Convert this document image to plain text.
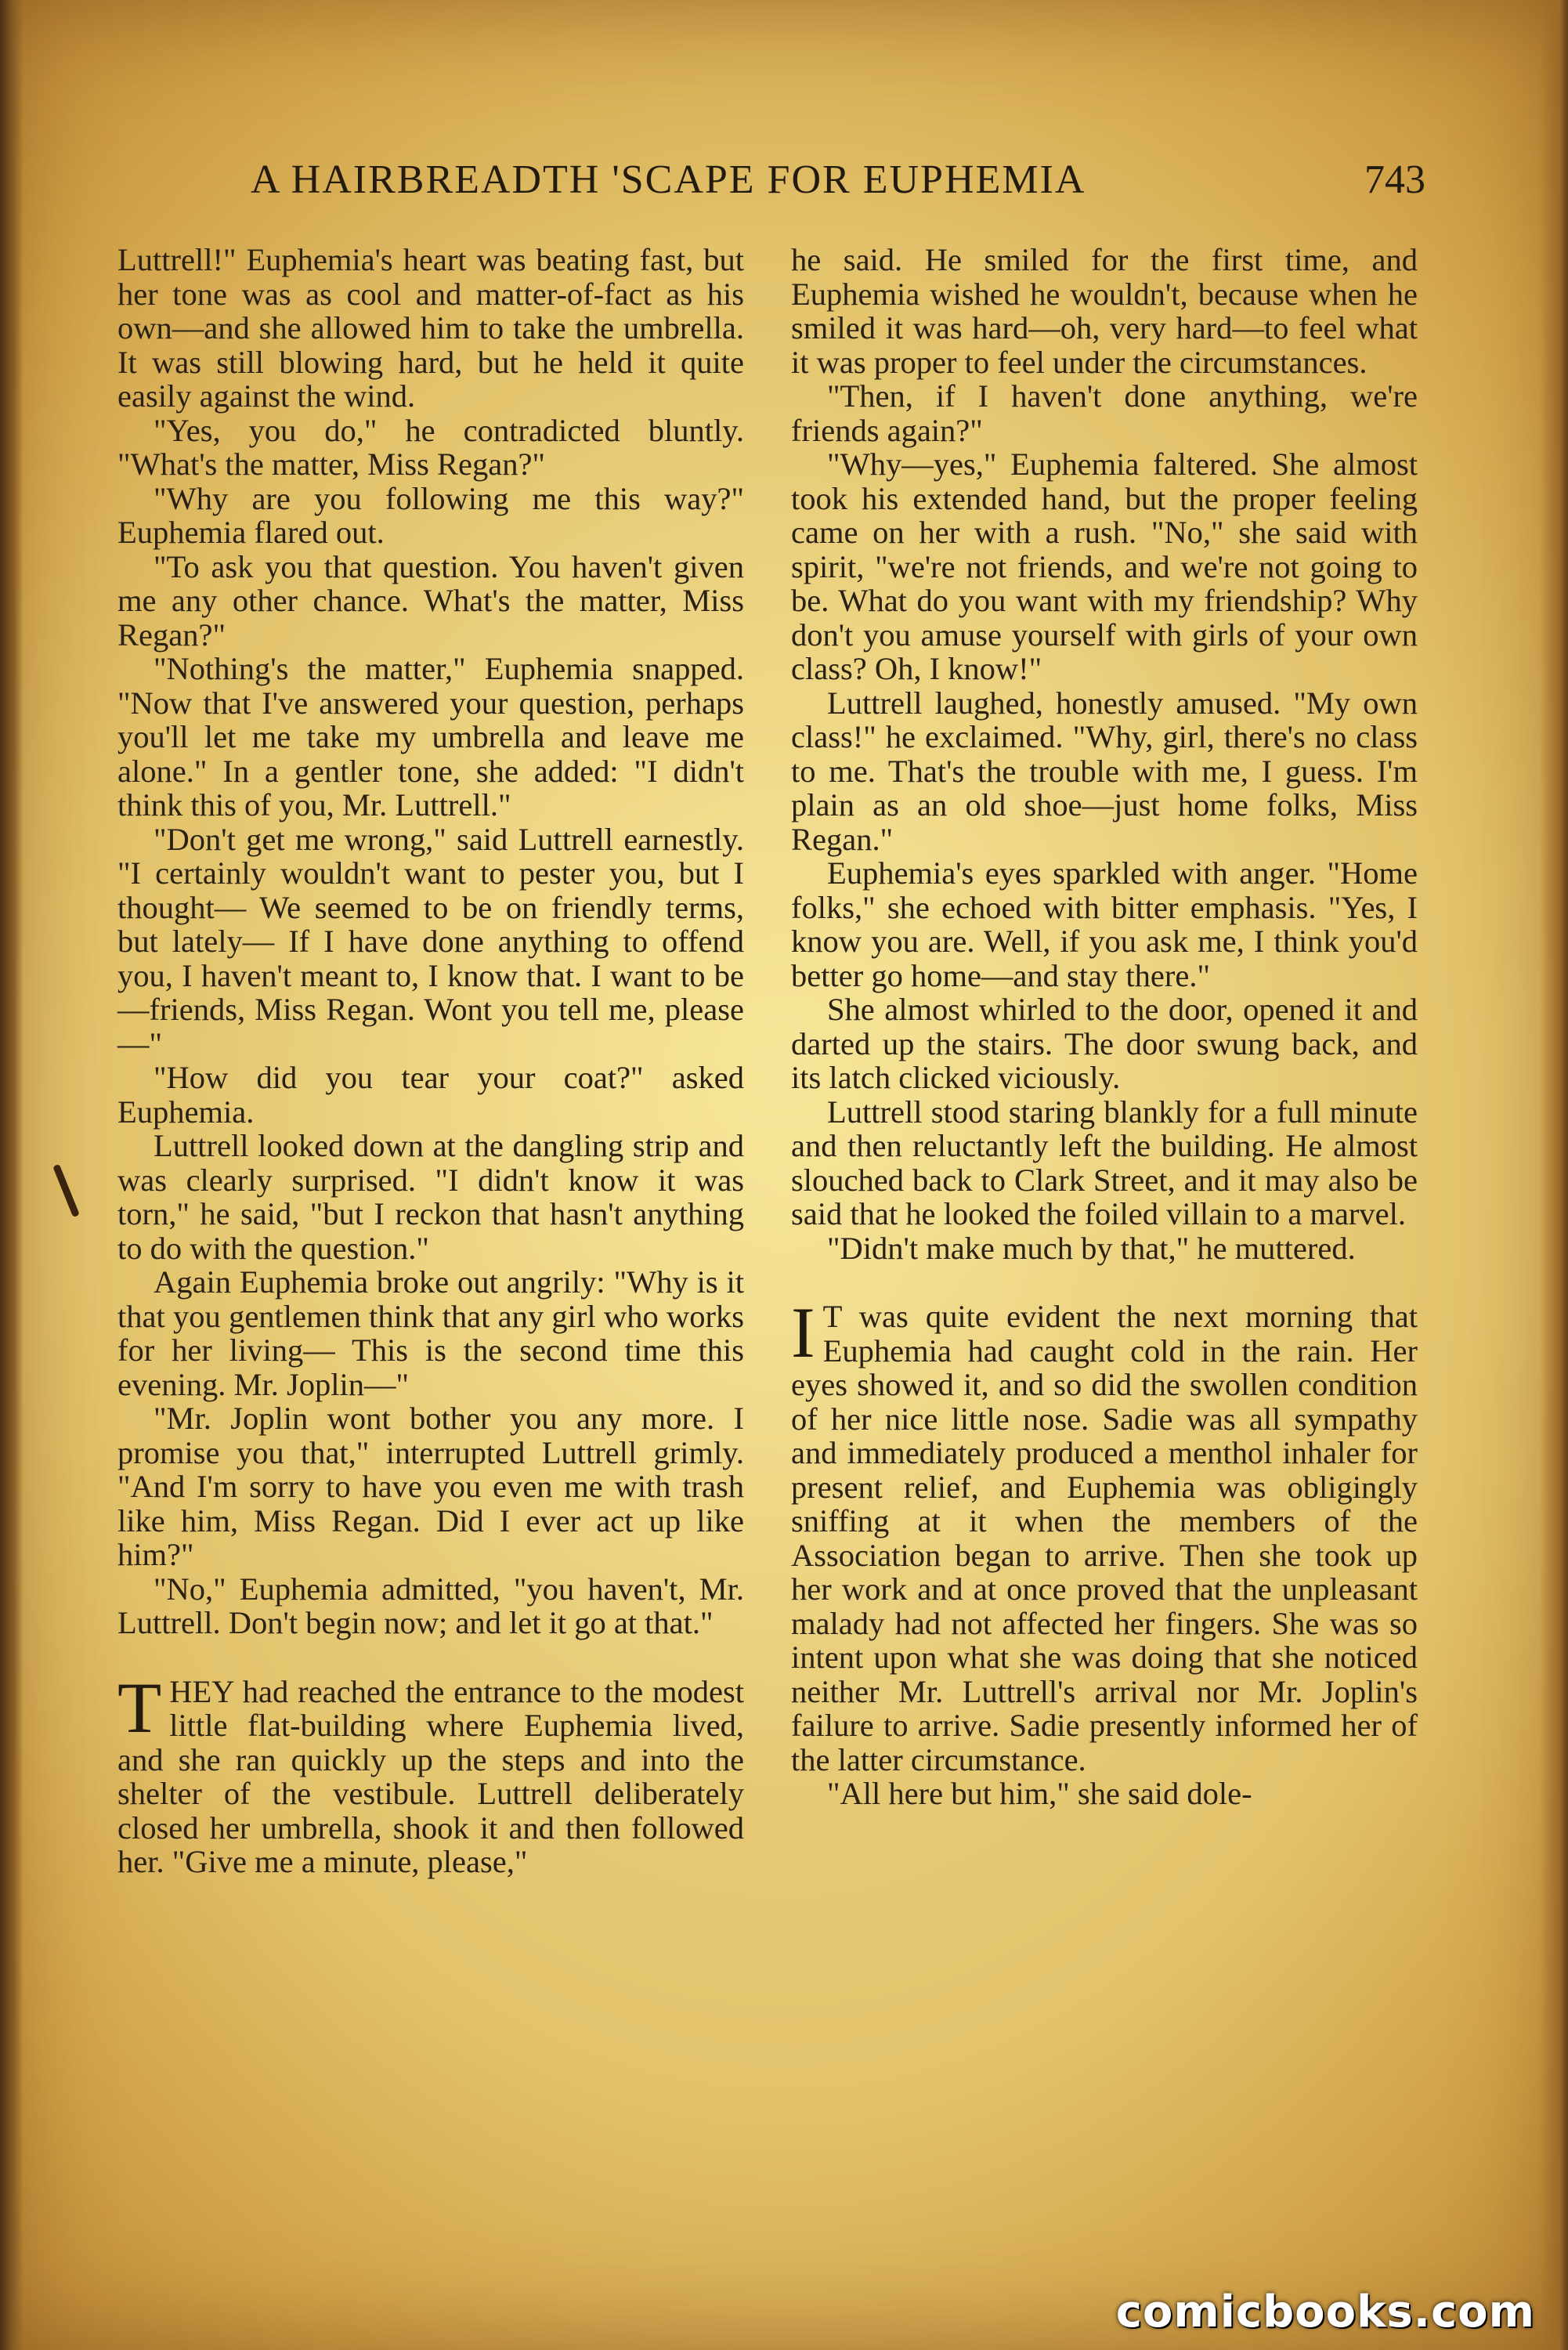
A HAIRBREADTH 'SCAPE FOR EUPHEMIA	743

Luttrell!" Euphemia's heart was beating fast, but her tone was as cool and matter-of-fact as his own—and she allowed him to take the umbrella. It was still blowing hard, but he held it quite easily against the wind.

"Yes, you do," he contradicted bluntly. "What's the matter, Miss Regan?"

"Why are you following me this way?" Euphemia flared out.

"To ask you that question. You haven't given me any other chance. What's the matter, Miss Regan?"

"Nothing's the matter," Euphemia snapped. "Now that I've answered your question, perhaps you'll let me take my umbrella and leave me alone." In a gentler tone, she added: "I didn't think this of you, Mr. Luttrell."

"Don't get me wrong," said Luttrell earnestly. "I certainly wouldn't want to pester you, but I thought— We seemed to be on friendly terms, but lately— If I have done anything to offend you, I haven't meant to, I know that. I want to be—friends, Miss Regan. Wont you tell me, please—"

"How did you tear your coat?" asked Euphemia.

Luttrell looked down at the dangling strip and was clearly surprised. "I didn't know it was torn," he said, "but I reckon that hasn't anything to do with the question."

Again Euphemia broke out angrily: "Why is it that you gentlemen think that any girl who works for her living— This is the second time this evening. Mr. Joplin—"

"Mr. Joplin wont bother you any more. I promise you that," interrupted Luttrell grimly. "And I'm sorry to have you even me with trash like him, Miss Regan. Did I ever act up like him?"

"No," Euphemia admitted, "you haven't, Mr. Luttrell. Don't begin now; and let it go at that."

THEY had reached the entrance to the modest little flat-building where Euphemia lived, and she ran quickly up the steps and into the shelter of the vestibule. Luttrell deliberately closed her umbrella, shook it and then followed her. "Give me a minute, please,"

he said. He smiled for the first time, and Euphemia wished he wouldn't, because when he smiled it was hard—oh, very hard—to feel what it was proper to feel under the circumstances.

"Then, if I haven't done anything, we're friends again?"

"Why—yes," Euphemia faltered. She almost took his extended hand, but the proper feeling came on her with a rush. "No," she said with spirit, "we're not friends, and we're not going to be. What do you want with my friendship? Why don't you amuse yourself with girls of your own class? Oh, I know!"

Luttrell laughed, honestly amused. "My own class!" he exclaimed. "Why, girl, there's no class to me. That's the trouble with me, I guess. I'm plain as an old shoe—just home folks, Miss Regan."

Euphemia's eyes sparkled with anger. "Home folks," she echoed with bitter emphasis. "Yes, I know you are. Well, if you ask me, I think you'd better go home—and stay there."

She almost whirled to the door, opened it and darted up the stairs. The door swung back, and its latch clicked viciously.

Luttrell stood staring blankly for a full minute and then reluctantly left the building. He almost slouched back to Clark Street, and it may also be said that he looked the foiled villain to a marvel.

"Didn't make much by that," he muttered.

I T was quite evident the next morning that Euphemia had caught cold in the rain. Her eyes showed it, and so did the swollen condition of her nice little nose. Sadie was all sympathy and immediately produced a menthol inhaler for present relief, and Euphemia was obligingly sniffing at it when the members of the Association began to arrive. Then she took up her work and at once proved that the unpleasant malady had not affected her fingers. She was so intent upon what she was doing that she noticed neither Mr. Luttrell's arrival nor Mr. Joplin's failure to arrive. Sadie presently informed her of the latter circumstance.

"All here but him," she said dole-

comicbooks.com
